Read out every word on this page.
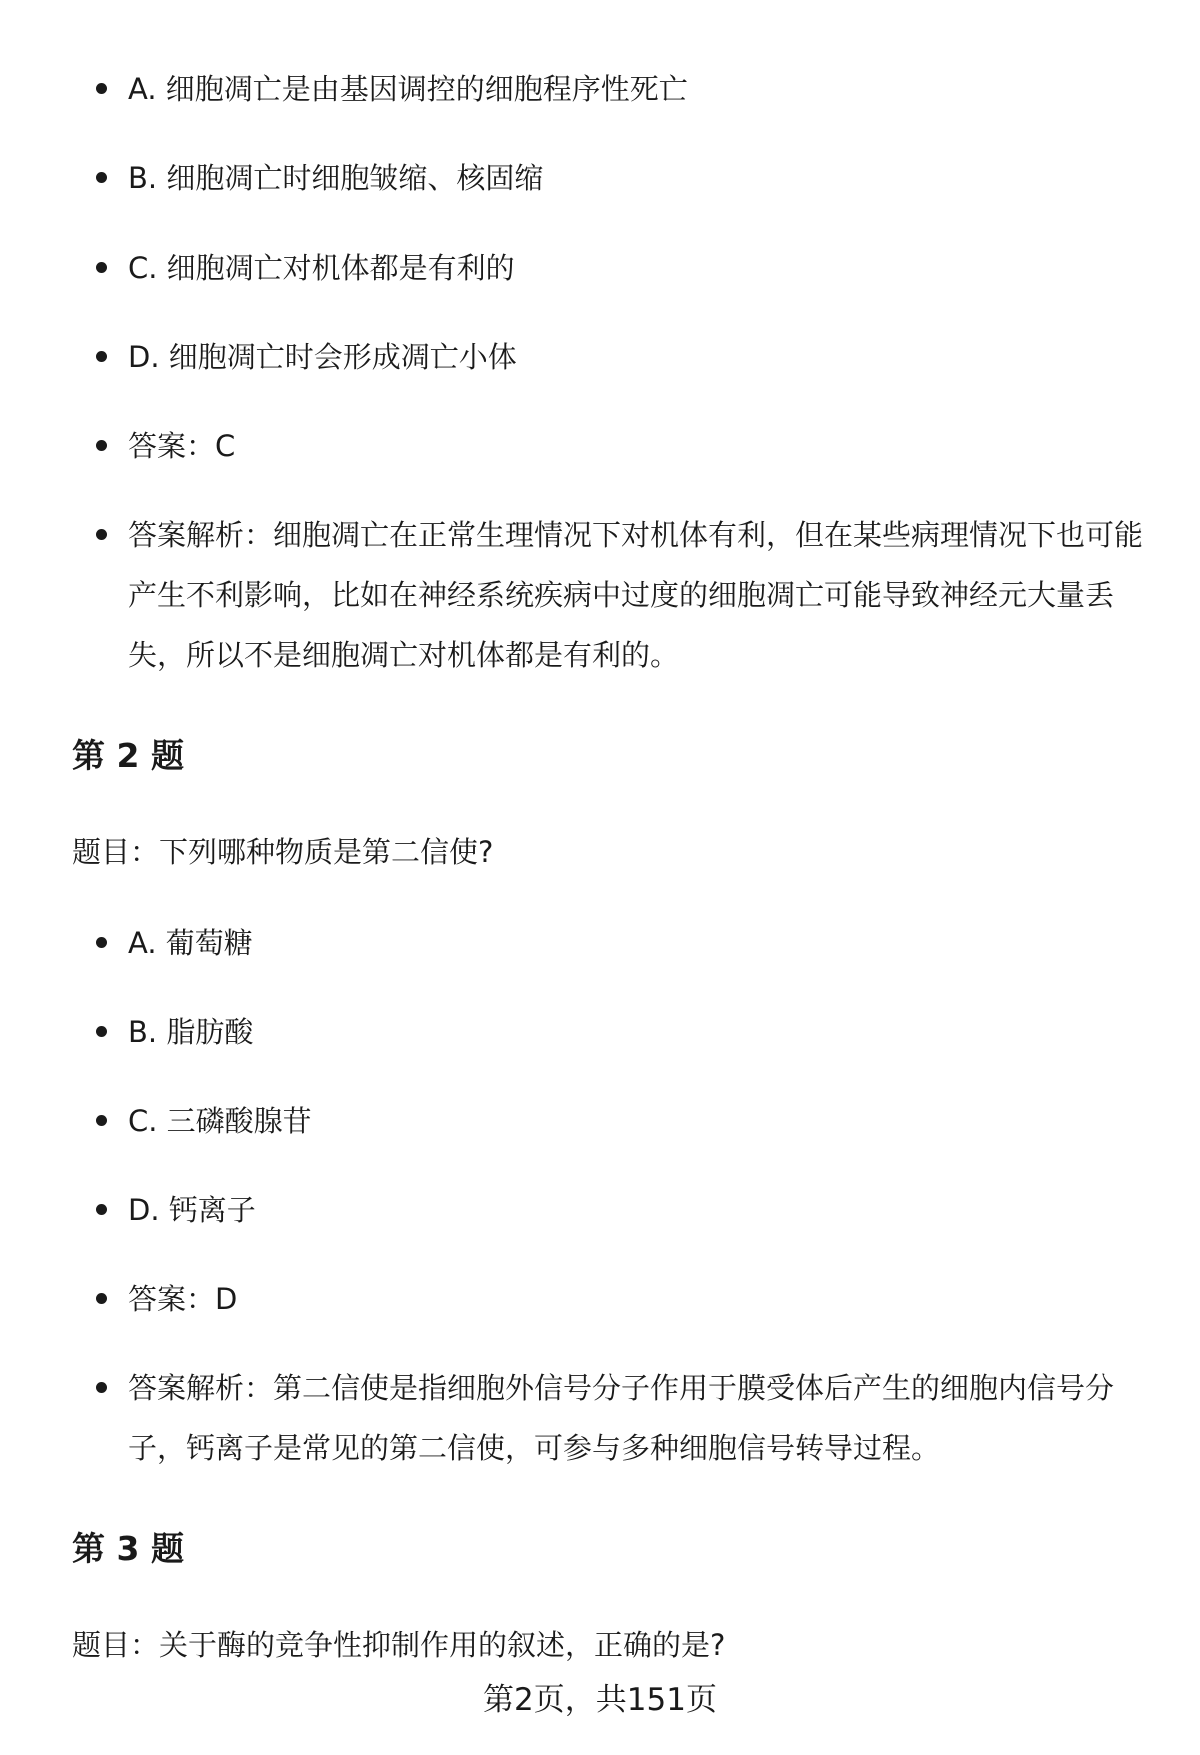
A. 细胞凋亡是由基因调控的细胞程序性死亡
B. 细胞凋亡时细胞皱缩、核固缩
C. 细胞凋亡对机体都是有利的
D. 细胞凋亡时会形成凋亡小体
答案：C
答案解析：细胞凋亡在正常生理情况下对机体有利，但在某些病理情况下也可能产生不利影响，比如在神经系统疾病中过度的细胞凋亡可能导致神经元大量丢失，所以不是细胞凋亡对机体都是有利的。
第 2 题
题目：下列哪种物质是第二信使?
A. 葡萄糖
B. 脂肪酸
C. 三磷酸腺苷
D. 钙离子
答案：D
答案解析：第二信使是指细胞外信号分子作用于膜受体后产生的细胞内信号分子，钙离子是常见的第二信使，可参与多种细胞信号转导过程。
第 3 题
题目：关于酶的竞争性抑制作用的叙述，正确的是?
第2页，共151页
